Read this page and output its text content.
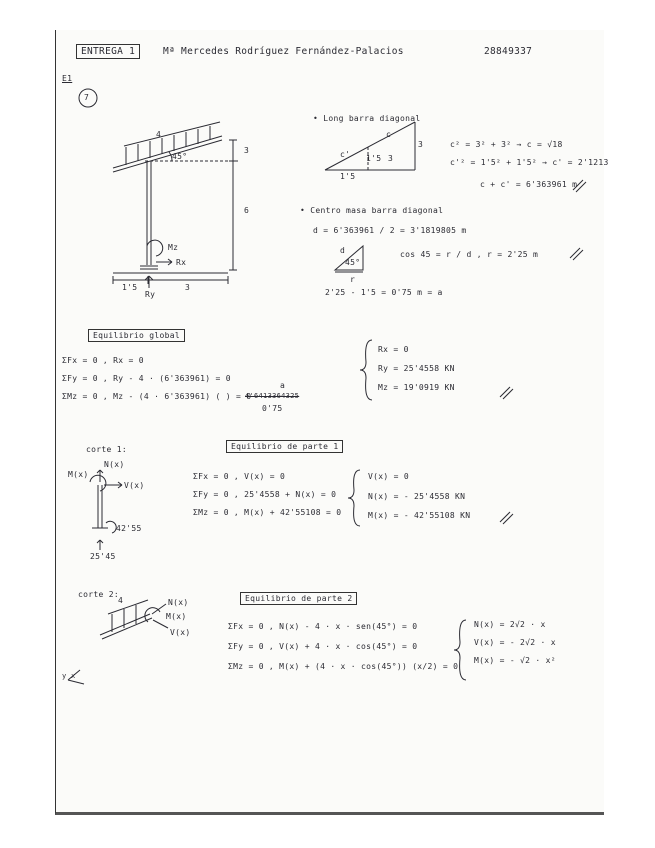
ENTREGA 1	Mª Mercedes Rodríguez Fernández-Palacios	28849337
E1
7
4
45°
3
6
Mz
Rx
Ry
1'5	3
• Long barra diagonal
c
c' 1'5 3
3
1'5
c² = 3² + 3² → c = √18
c'² = 1'5² + 1'5² → c' = 2'1213
c + c' = 6'363961 m
• Centro masa barra diagonal
d = 6'363961 / 2 = 3'1819805 m
d
45°
r
cos 45 = r / d , r = 2'25 m
2'25 - 1'5 = 0'75 m = a
Equilibrio global
ΣFx = 0 , Rx = 0
ΣFy = 0 , Ry - 4 · (6'363961) = 0
ΣMz = 0 , Mz - (4 · 6'363961) ( ) = 0
4'6413364325
a
0'75
Rx = 0
Ry = 25'4558 KN
Mz = 19'0919 KN
corte 1:	Equilibrio de parte 1
N(x)
M(x)
V(x)
42'55
25'45
ΣFx = 0 , V(x) = 0
ΣFy = 0 , 25'4558 + N(x) = 0
ΣMz = 0 , M(x) + 42'55108 = 0
V(x) = 0
N(x) = - 25'4558 KN
M(x) = - 42'55108 KN
corte 2:	Equilibrio de parte 2
4	N(x)
M(x)
V(x)
y x
ΣFx = 0 , N(x) - 4 · x · sen(45°) = 0
ΣFy = 0 , V(x) + 4 · x · cos(45°) = 0
ΣMz = 0 , M(x) + (4 · x · cos(45°)) (x/2) = 0
N(x) = 2√2 · x
V(x) = - 2√2 · x
M(x) = - √2 · x²
